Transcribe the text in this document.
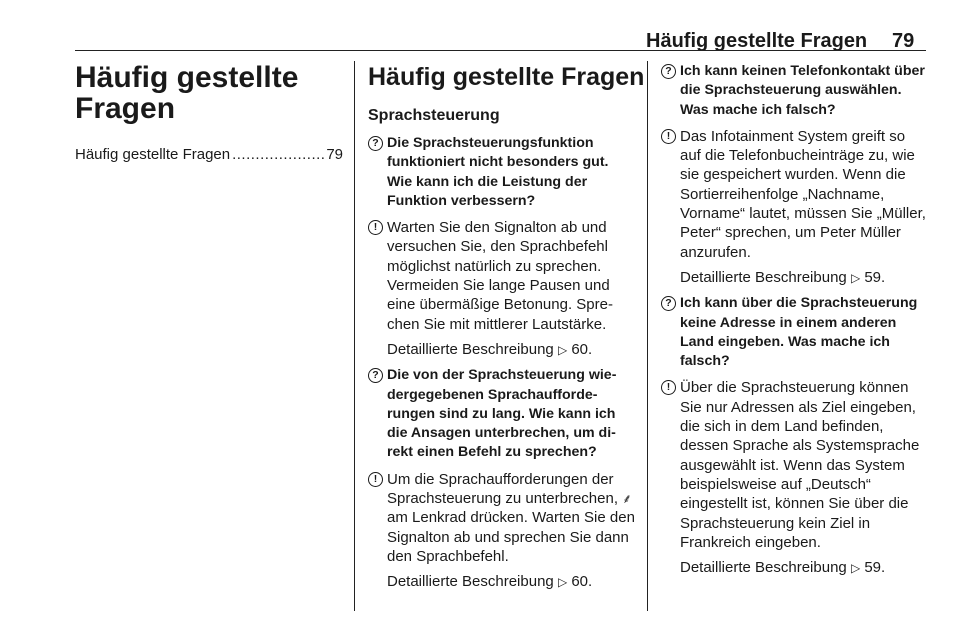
Häufig gestellte Fragen 79
Häufig gestellte
Fragen
Häufig gestellte Fragen
.....	79
Häufig gestellte Fragen
Sprachsteuerung
? Die Sprachsteuerungsfunktion funktioniert nicht besonders gut. Wie kann ich die Leistung der Funktion verbessern?
! Warten Sie den Signalton ab und versuchen Sie, den Sprachbefehl möglichst natürlich zu sprechen. Vermeiden Sie lange Pausen und eine übermäßige Betonung. Sprechen Sie mit mittlerer Lautstärke.
Detaillierte Beschreibung ▷ 60.
? Die von der Sprachsteuerung wiedergegebenen Sprachaufforderungen sind zu lang. Wie kann ich die Ansagen unterbrechen, um direkt einen Befehl zu sprechen?
! Um die Sprachaufforderungen der Sprachsteuerung zu unterbrechen, ⸙ am Lenkrad drücken. Warten Sie den Signalton ab und sprechen Sie dann den Sprachbefehl.
Detaillierte Beschreibung ▷ 60.
? Ich kann keinen Telefonkontakt über die Sprachsteuerung auswählen. Was mache ich falsch?
! Das Infotainment System greift so auf die Telefonbucheinträge zu, wie sie gespeichert wurden. Wenn die Sortierreihenfolge „Nachname, Vorname“ lautet, müssen Sie „Müller, Peter“ sprechen, um Peter Müller anzurufen.
Detaillierte Beschreibung ▷ 59.
? Ich kann über die Sprachsteuerung keine Adresse in einem anderen Land eingeben. Was mache ich falsch?
! Über die Sprachsteuerung können Sie nur Adressen als Ziel eingeben, die sich in dem Land befinden, dessen Sprache als Systemsprache ausgewählt ist. Wenn das System beispielsweise auf „Deutsch“ eingestellt ist, können Sie über die Sprachsteuerung kein Ziel in Frankreich eingeben.
Detaillierte Beschreibung ▷ 59.
